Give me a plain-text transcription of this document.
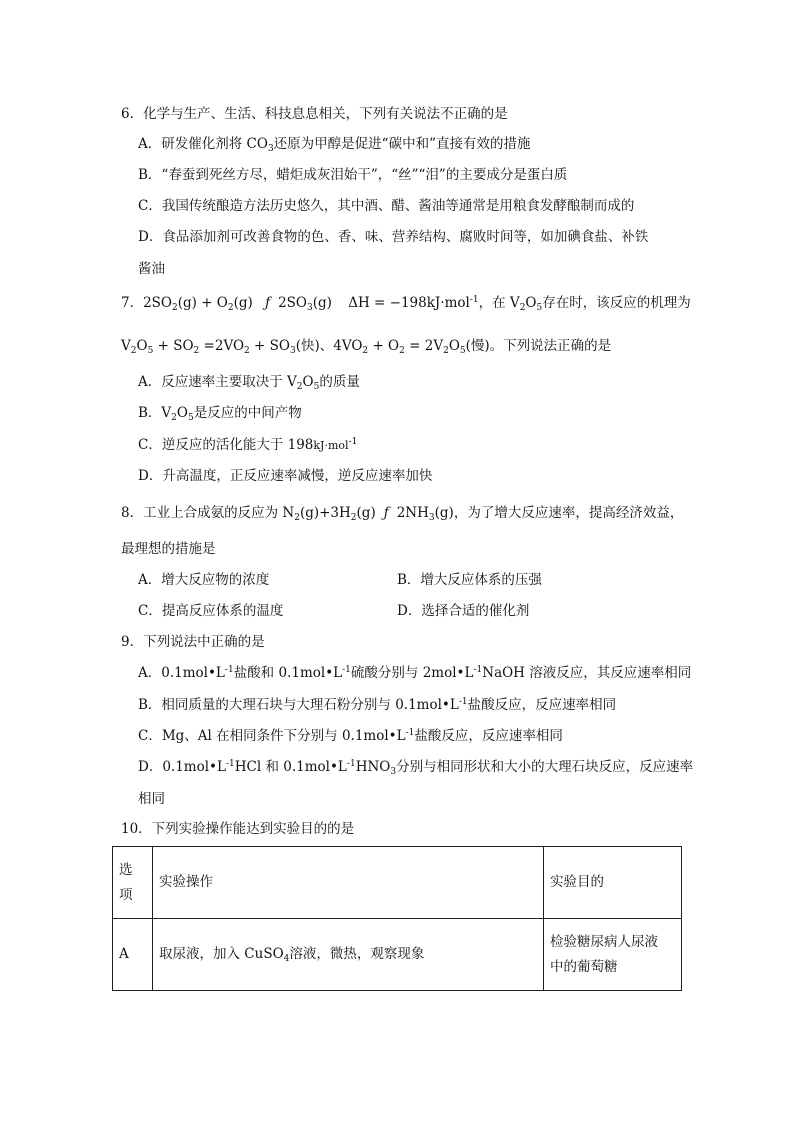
6．化学与生产、生活、科技息息相关，下列有关说法不正确的是
A．研发催化剂将 $CO_3$还原为甲醇是促进“碳中和”直接有效的措施
B．“春蚕到死丝方尽，蜡炬成灰泪始干”，“丝”“泪”的主要成分是蛋白质
C．我国传统酿造方法历史悠久，其中酒、醋、酱油等通常是用粮食发酵酿制而成的
D．食品添加剂可改善食物的色、香、味、营养结构、腐败时间等，如加碘食盐、补铁
酱油
7．$2SO_2(g) + O_2(g)$ ƒ $2SO_3(g) \Delta H = -198kJ\cdot mol^{-1}$，在 $V_2O_5$存在时，该反应的机理为
$V_2O_5 + SO_2 =2VO_2 + SO_3$(快)、$4VO_2 + O_2 = 2V_2O_5$(慢)。下列说法正确的是
A．反应速率主要取决于 $V_2O_5$的质量
B．$V_2O_5$是反应的中间产物
C．逆反应的活化能大于 198kJ·mol$^{-1}$
D．升高温度，正反应速率减慢，逆反应速率加快
8．工业上合成氨的反应为 $N_2(g)+3H_2(g)$ ƒ $2NH_3(g)$，为了增大反应速率，提高经济效益，
最理想的措施是
A．增大反应物的浓度	B．增大反应体系的压强
C．提高反应体系的温度	D．选择合适的催化剂
9．下列说法中正确的是
A．$0.1mol•L^{-1}$盐酸和 $0.1mol•L^{-1}$硫酸分别与 $2mol•L^{-1}NaOH$ 溶液反应，其反应速率相同
B．相同质量的大理石块与大理石粉分别与 $0.1mol•L^{-1}$盐酸反应，反应速率相同
C．Mg、Al 在相同条件下分别与 $0.1mol•L^{-1}$盐酸反应，反应速率相同
D．$0.1mol•L^{-1}HCl$ 和 $0.1mol•L^{-1}HNO_3$分别与相同形状和大小的大理石块反应，反应速率
相同
10．下列实验操作能达到实验目的的是
选
项	实验操作	实验目的
A	取尿液，加入 CuSO$_4$溶液，微热，观察现象	检验糖尿病人尿液
中的葡萄糖
